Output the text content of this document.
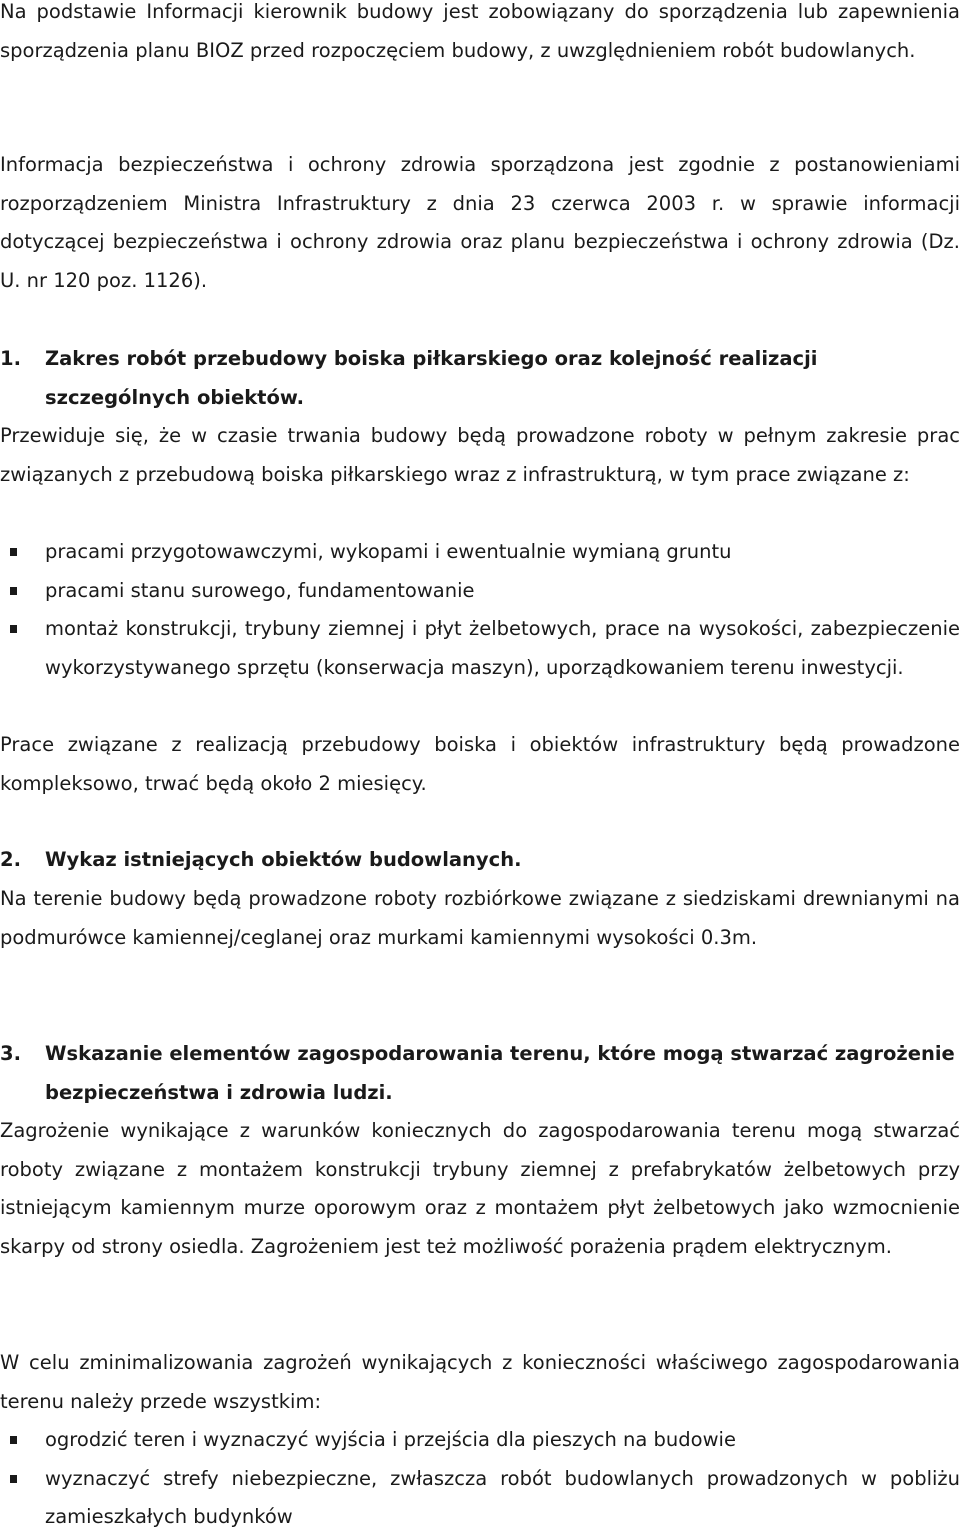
Na podstawie Informacji kierownik budowy jest zobowiązany do sporządzenia lub zapewnienia sporządzenia planu BIOZ przed rozpoczęciem budowy, z uwzględnieniem robót budowlanych.

Informacja bezpieczeństwa i ochrony zdrowia sporządzona jest zgodnie z postanowieniami rozporządzeniem Ministra Infrastruktury z dnia 23 czerwca 2003 r. w sprawie informacji dotyczącej bezpieczeństwa i ochrony zdrowia oraz planu bezpieczeństwa i ochrony zdrowia (Dz. U. nr 120 poz. 1126).

1. Zakres robót przebudowy boiska piłkarskiego oraz kolejność realizacji szczególnych obiektów.

Przewiduje się, że w czasie trwania budowy będą prowadzone roboty w pełnym zakresie prac związanych z przebudową boiska piłkarskiego wraz z infrastrukturą, w tym prace związane z:

pracami przygotowawczymi, wykopami i ewentualnie wymianą gruntu
pracami stanu surowego, fundamentowanie
montaż konstrukcji, trybuny ziemnej i płyt żelbetowych, prace na wysokości, zabezpieczenie wykorzystywanego sprzętu (konserwacja maszyn), uporządkowaniem terenu inwestycji.

Prace związane z realizacją przebudowy boiska i obiektów infrastruktury będą prowadzone kompleksowo, trwać będą około 2 miesięcy.

2. Wykaz istniejących obiektów budowlanych.

Na terenie budowy będą prowadzone roboty rozbiórkowe związane z siedziskami drewnianymi na podmurówce kamiennej/ceglanej oraz murkami kamiennymi wysokości 0.3m.

3. Wskazanie elementów zagospodarowania terenu, które mogą stwarzać zagrożenie bezpieczeństwa i zdrowia ludzi.

Zagrożenie wynikające z warunków koniecznych do zagospodarowania terenu mogą stwarzać roboty związane z montażem konstrukcji trybuny ziemnej z prefabrykatów żelbetowych przy istniejącym kamiennym murze oporowym oraz z montażem płyt żelbetowych jako wzmocnienie skarpy od strony osiedla. Zagrożeniem jest też możliwość porażenia prądem elektrycznym.

W celu zminimalizowania zagrożeń wynikających z konieczności właściwego zagospodarowania terenu należy przede wszystkim:

ogrodzić teren i wyznaczyć wyjścia i przejścia dla pieszych na budowie
wyznaczyć strefy niebezpieczne, zwłaszcza robót budowlanych prowadzonych w pobliżu zamieszkałych budynków
